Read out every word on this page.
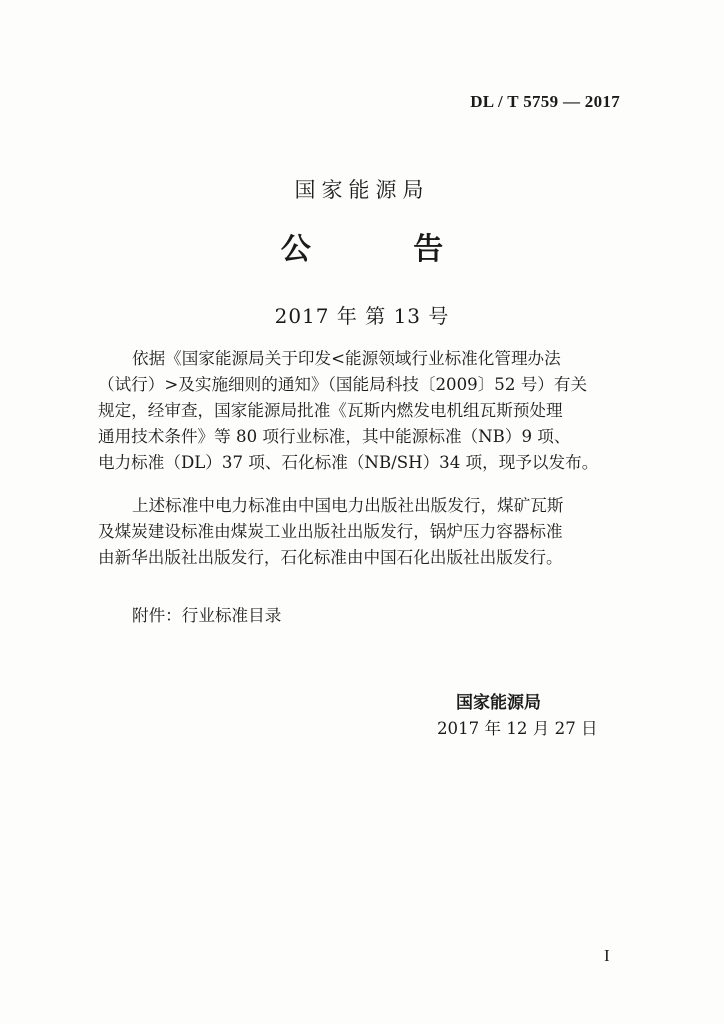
DL / T 5759 — 2017
国家能源局
公 告
2017 年 第 13 号
依据《国家能源局关于印发<能源领域行业标准化管理办法
（试行）>及实施细则的通知》（国能局科技〔2009〕52 号）有关
规定，经审查，国家能源局批准《瓦斯内燃发电机组瓦斯预处理
通用技术条件》等 80 项行业标准，其中能源标准（NB）9 项、
电力标准（DL）37 项、石化标准（NB/SH）34 项，现予以发布。
上述标准中电力标准由中国电力出版社出版发行，煤矿瓦斯
及煤炭建设标准由煤炭工业出版社出版发行，锅炉压力容器标准
由新华出版社出版发行，石化标准由中国石化出版社出版发行。
附件：行业标准目录
国家能源局
2017 年 12 月 27 日
I
